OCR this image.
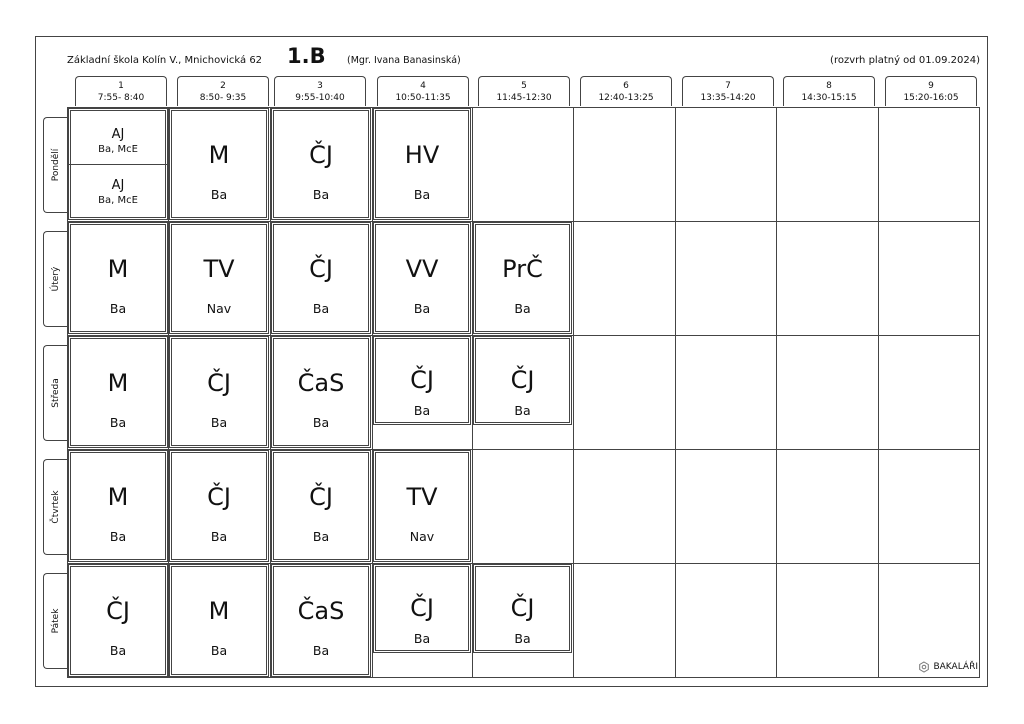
Základní škola Kolín V., Mnichovická 62 1.B (Mgr. Ivana Banasinská)	(rozvrh platný od 01.09.2024)
1
7:55- 8:40
2
8:50- 9:35
3
9:55-10:40
4
10:50-11:35
5
11:45-12:30
6
12:40-13:25
7
13:35-14:20
8
14:30-15:15
9
15:20-16:05
Pondělí
Úterý
Středa
Čtvrtek
Pátek
AJ
Ba, McE
AJ
Ba, McE
M
Ba
ČJ
Ba
HV
Ba
M
Ba
TV
Nav
ČJ
Ba
VV
Ba
PrČ
Ba
M
Ba
ČJ
Ba
ČaS
Ba
ČJ
Ba
ČJ
Ba
M
Ba
ČJ
Ba
ČJ
Ba
TV
Nav
ČJ
Ba
M
Ba
ČaS
Ba
ČJ
Ba
ČJ
Ba
BAKALÁŘI
